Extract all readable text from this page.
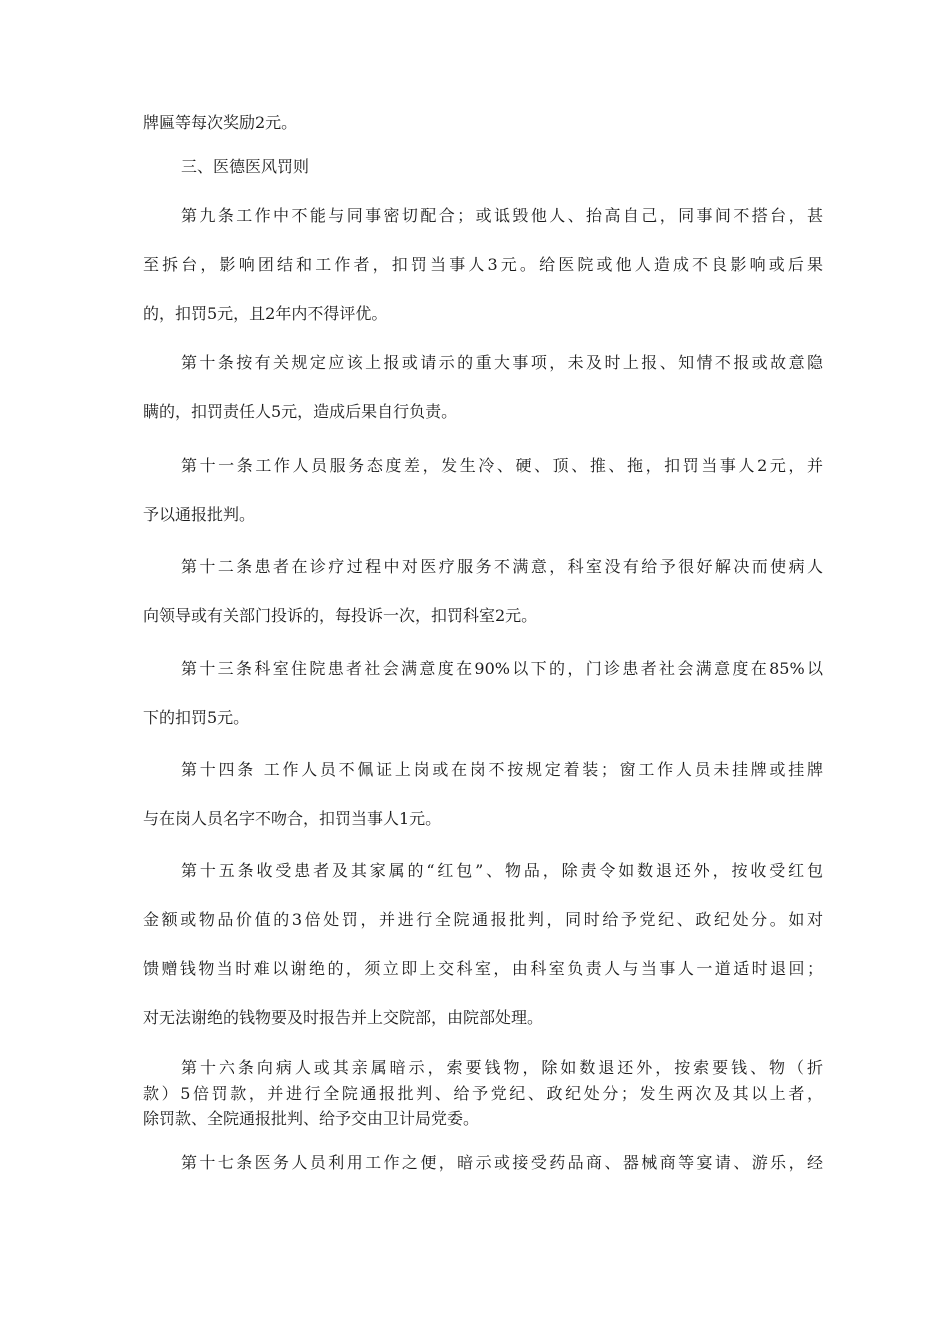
牌匾等每次奖励2元。
三、医德医风罚则
第九条工作中不能与同事密切配合；或诋毁他人、抬高自己，同事间不搭台，甚
至拆台，影响团结和工作者，扣罚当事人3元。给医院或他人造成不良影响或后果
的，扣罚5元，且2年内不得评优。
第十条按有关规定应该上报或请示的重大事项，未及时上报、知情不报或故意隐
瞒的，扣罚责任人5元，造成后果自行负责。
第十一条工作人员服务态度差，发生冷、硬、顶、推、拖，扣罚当事人2元，并
予以通报批判。
第十二条患者在诊疗过程中对医疗服务不满意，科室没有给予很好解决而使病人
向领导或有关部门投诉的，每投诉一次，扣罚科室2元。
第十三条科室住院患者社会满意度在90%以下的，门诊患者社会满意度在85%以
下的扣罚5元。
第十四条 工作人员不佩证上岗或在岗不按规定着装；窗工作人员未挂牌或挂牌
与在岗人员名字不吻合，扣罚当事人1元。
第十五条收受患者及其家属的“红包”、物品，除责令如数退还外，按收受红包
金额或物品价值的3倍处罚，并进行全院通报批判，同时给予党纪、政纪处分。如对
馈赠钱物当时难以谢绝的，须立即上交科室，由科室负责人与当事人一道适时退回；
对无法谢绝的钱物要及时报告并上交院部，由院部处理。
第十六条向病人或其亲属暗示，索要钱物，除如数退还外，按索要钱、物（折
款）5倍罚款，并进行全院通报批判、给予党纪、政纪处分；发生两次及其以上者，
除罚款、全院通报批判、给予交由卫计局党委。
第十七条医务人员利用工作之便，暗示或接受药品商、器械商等宴请、游乐，经
